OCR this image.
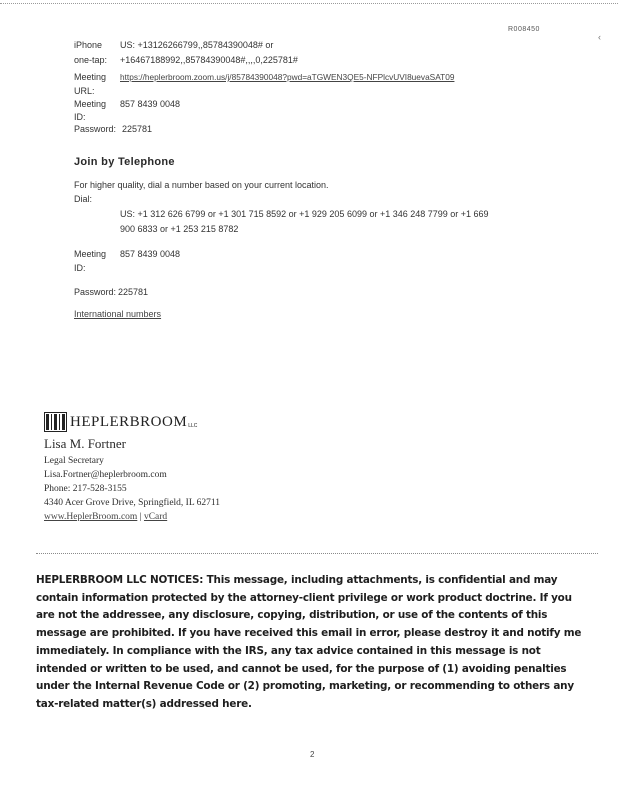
R008450
‹
iPhone US: +13126266799,,85784390048# or
one-tap: +16467188992,,85784390048#,,,,0,225781#
Meeting
URL:
https://heplerbroom.zoom.us/j/85784390048?pwd=aTGWEN3QE5-NFPlcvUVI8uevaSAT09
Meeting
ID:
857 8439 0048
Password: 225781
Join by Telephone
For higher quality, dial a number based on your current location.
Dial:
US: +1 312 626 6799 or +1 301 715 8592 or +1 929 205 6099 or +1 346 248 7799 or +1 669
900 6833 or +1 253 215 8782
Meeting
ID:
857 8439 0048
Password: 225781
International numbers
HEPLERBROOM LLC
Lisa M. Fortner
Legal Secretary
Lisa.Fortner@heplerbroom.com
Phone: 217-528-3155
4340 Acer Grove Drive, Springfield, IL 62711
www.HeplerBroom.com | vCard
HEPLERBROOM LLC NOTICES: This message, including attachments, is confidential and may contain information protected by the attorney-client privilege or work product doctrine. If you are not the addressee, any disclosure, copying, distribution, or use of the contents of this message are prohibited. If you have received this email in error, please destroy it and notify me immediately. In compliance with the IRS, any tax advice contained in this message is not intended or written to be used, and cannot be used, for the purpose of (1) avoiding penalties under the Internal Revenue Code or (2) promoting, marketing, or recommending to others any tax-related matter(s) addressed here.
2
